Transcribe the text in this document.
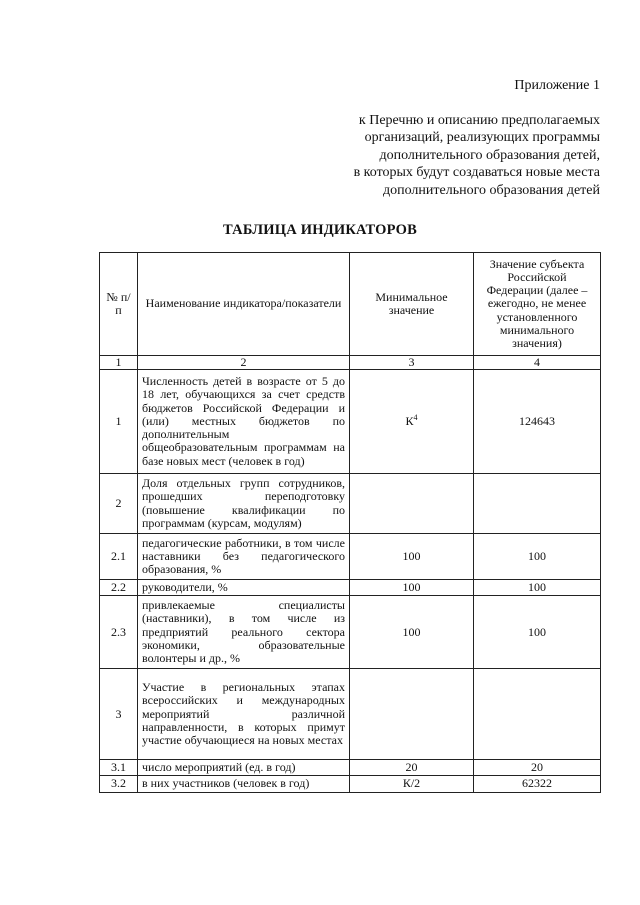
Приложение 1
к Перечню и описанию предполагаемых
организаций, реализующих программы
дополнительного образования детей,
в которых будут создаваться новые места
дополнительного образования детей
ТАБЛИЦА ИНДИКАТОРОВ
№ п/п	Наименование индикатора/показатели	Минимальное значение	Значение субъекта Российской Федерации (далее – ежегодно, не менее установленного минимального значения)
1	2	3	4
1	Численность детей в возрасте от 5 до 18 лет, обучающихся за счет средств бюджетов Российской Федерации и (или) местных бюджетов по дополнительным общеобразовательным программам на базе новых мест (человек в год)	$К^4$	124643
2	Доля отдельных групп сотрудников, прошедших переподготовку (повышение квалификации по программам (курсам, модулям)		
2.1	педагогические работники, в том числе наставники без педагогического образования, %	100	100
2.2	руководители, %	100	100
2.3	привлекаемые специалисты (наставники), в том числе из предприятий реального сектора экономики, образовательные волонтеры и др., %	100	100
3	Участие в региональных этапах всероссийских и международных мероприятий различной направленности, в которых примут участие обучающиеся на новых местах		
3.1	число мероприятий (ед. в год)	20	20
3.2	в них участников (человек в год)	К/2	62322
